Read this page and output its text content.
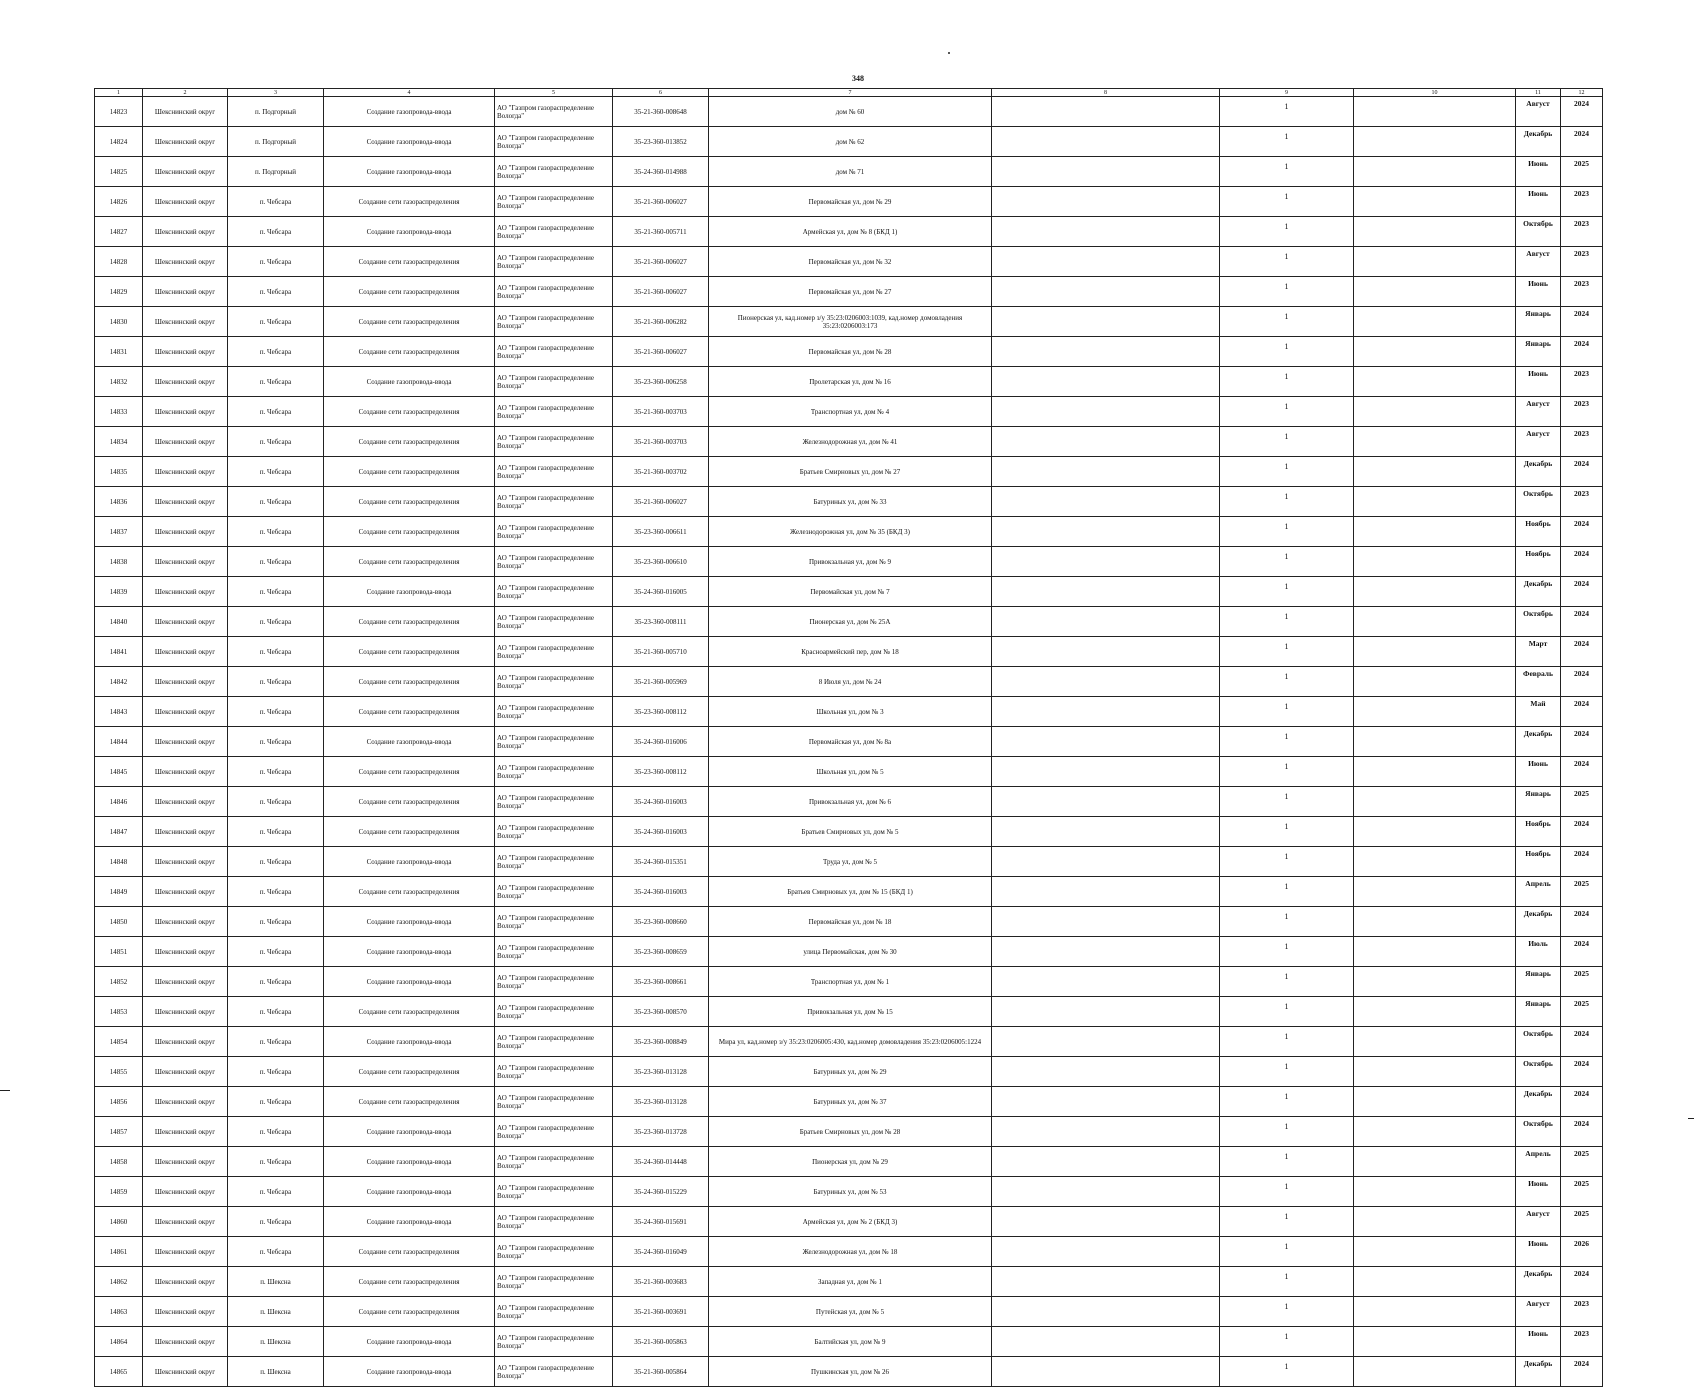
348
1	2	3	4	5	6	7	8	9	10	11	12
14823	Шекснинский округ	п. Подгорный	Создание газопровода-ввода	АО "Газпром газораспределение Вологда"	35-21-360-008648	дом № 60		1		Август	2024
14824	Шекснинский округ	п. Подгорный	Создание газопровода-ввода	АО "Газпром газораспределение Вологда"	35-23-360-013852	дом № 62		1		Декабрь	2024
14825	Шекснинский округ	п. Подгорный	Создание газопровода-ввода	АО "Газпром газораспределение Вологда"	35-24-360-014988	дом № 71		1		Июнь	2025
14826	Шекснинский округ	п. Чебсара	Создание сети газораспределения	АО "Газпром газораспределение Вологда"	35-21-360-006027	Первомайская ул, дом № 29		1		Июнь	2023
14827	Шекснинский округ	п. Чебсара	Создание газопровода-ввода	АО "Газпром газораспределение Вологда"	35-21-360-005711	Армейская ул, дом № 8 (БКД 1)		1		Октябрь	2023
14828	Шекснинский округ	п. Чебсара	Создание сети газораспределения	АО "Газпром газораспределение Вологда"	35-21-360-006027	Первомайская ул, дом № 32		1		Август	2023
14829	Шекснинский округ	п. Чебсара	Создание сети газораспределения	АО "Газпром газораспределение Вологда"	35-21-360-006027	Первомайская ул, дом № 27		1		Июнь	2023
14830	Шекснинский округ	п. Чебсара	Создание сети газораспределения	АО "Газпром газораспределение Вологда"	35-21-360-006282	Пионерская ул, кад.номер з/у 35:23:0206003:1039, кад.номер домовладения 35:23:0206003:173		1		Январь	2024
14831	Шекснинский округ	п. Чебсара	Создание сети газораспределения	АО "Газпром газораспределение Вологда"	35-21-360-006027	Первомайская ул, дом № 28		1		Январь	2024
14832	Шекснинский округ	п. Чебсара	Создание газопровода-ввода	АО "Газпром газораспределение Вологда"	35-23-360-006258	Пролетарская ул, дом № 16		1		Июнь	2023
14833	Шекснинский округ	п. Чебсара	Создание сети газораспределения	АО "Газпром газораспределение Вологда"	35-21-360-003703	Транспортная ул, дом № 4		1		Август	2023
14834	Шекснинский округ	п. Чебсара	Создание сети газораспределения	АО "Газпром газораспределение Вологда"	35-21-360-003703	Железнодорожная ул, дом № 41		1		Август	2023
14835	Шекснинский округ	п. Чебсара	Создание сети газораспределения	АО "Газпром газораспределение Вологда"	35-21-360-003702	Братьев Смирновых ул, дом № 27		1		Декабрь	2024
14836	Шекснинский округ	п. Чебсара	Создание сети газораспределения	АО "Газпром газораспределение Вологда"	35-21-360-006027	Батуриных ул, дом № 33		1		Октябрь	2023
14837	Шекснинский округ	п. Чебсара	Создание сети газораспределения	АО "Газпром газораспределение Вологда"	35-23-360-006611	Железнодорожная ул, дом № 35 (БКД 3)		1		Ноябрь	2024
14838	Шекснинский округ	п. Чебсара	Создание сети газораспределения	АО "Газпром газораспределение Вологда"	35-23-360-006610	Привокзальная ул, дом № 9		1		Ноябрь	2024
14839	Шекснинский округ	п. Чебсара	Создание газопровода-ввода	АО "Газпром газораспределение Вологда"	35-24-360-016005	Первомайская ул, дом № 7		1		Декабрь	2024
14840	Шекснинский округ	п. Чебсара	Создание сети газораспределения	АО "Газпром газораспределение Вологда"	35-23-360-008111	Пионерская ул, дом № 25А		1		Октябрь	2024
14841	Шекснинский округ	п. Чебсара	Создание сети газораспределения	АО "Газпром газораспределение Вологда"	35-21-360-005710	Красноармейский пер, дом № 18		1		Март	2024
14842	Шекснинский округ	п. Чебсара	Создание сети газораспределения	АО "Газпром газораспределение Вологда"	35-21-360-005969	8 Июля ул, дом № 24		1		Февраль	2024
14843	Шекснинский округ	п. Чебсара	Создание сети газораспределения	АО "Газпром газораспределение Вологда"	35-23-360-008112	Школьная ул, дом № 3		1		Май	2024
14844	Шекснинский округ	п. Чебсара	Создание газопровода-ввода	АО "Газпром газораспределение Вологда"	35-24-360-016006	Первомайская ул, дом № 8а		1		Декабрь	2024
14845	Шекснинский округ	п. Чебсара	Создание сети газораспределения	АО "Газпром газораспределение Вологда"	35-23-360-008112	Школьная ул, дом № 5		1		Июнь	2024
14846	Шекснинский округ	п. Чебсара	Создание сети газораспределения	АО "Газпром газораспределение Вологда"	35-24-360-016003	Привокзальная ул, дом № 6		1		Январь	2025
14847	Шекснинский округ	п. Чебсара	Создание сети газораспределения	АО "Газпром газораспределение Вологда"	35-24-360-016003	Братьев Смирновых ул, дом № 5		1		Ноябрь	2024
14848	Шекснинский округ	п. Чебсара	Создание газопровода-ввода	АО "Газпром газораспределение Вологда"	35-24-360-015351	Труда ул, дом № 5		1		Ноябрь	2024
14849	Шекснинский округ	п. Чебсара	Создание сети газораспределения	АО "Газпром газораспределение Вологда"	35-24-360-016003	Братьев Смирновых ул, дом № 15 (БКД 1)		1		Апрель	2025
14850	Шекснинский округ	п. Чебсара	Создание газопровода-ввода	АО "Газпром газораспределение Вологда"	35-23-360-008660	Первомайская ул, дом № 18		1		Декабрь	2024
14851	Шекснинский округ	п. Чебсара	Создание газопровода-ввода	АО "Газпром газораспределение Вологда"	35-23-360-008659	улица Первомайская, дом № 30		1		Июль	2024
14852	Шекснинский округ	п. Чебсара	Создание газопровода-ввода	АО "Газпром газораспределение Вологда"	35-23-360-008661	Транспортная ул, дом № 1		1		Январь	2025
14853	Шекснинский округ	п. Чебсара	Создание сети газораспределения	АО "Газпром газораспределение Вологда"	35-23-360-008570	Привокзальная ул, дом № 15		1		Январь	2025
14854	Шекснинский округ	п. Чебсара	Создание газопровода-ввода	АО "Газпром газораспределение Вологда"	35-23-360-008849	Мира ул, кад.номер з/у 35:23:0206005:430, кад.номер домовладения 35:23:0206005:1224		1		Октябрь	2024
14855	Шекснинский округ	п. Чебсара	Создание сети газораспределения	АО "Газпром газораспределение Вологда"	35-23-360-013128	Батуриных ул, дом № 29		1		Октябрь	2024
14856	Шекснинский округ	п. Чебсара	Создание сети газораспределения	АО "Газпром газораспределение Вологда"	35-23-360-013128	Батуриных ул, дом № 37		1		Декабрь	2024
14857	Шекснинский округ	п. Чебсара	Создание газопровода-ввода	АО "Газпром газораспределение Вологда"	35-23-360-013728	Братьев Смирновых ул, дом № 28		1		Октябрь	2024
14858	Шекснинский округ	п. Чебсара	Создание газопровода-ввода	АО "Газпром газораспределение Вологда"	35-24-360-014448	Пионерская ул, дом № 29		1		Апрель	2025
14859	Шекснинский округ	п. Чебсара	Создание газопровода-ввода	АО "Газпром газораспределение Вологда"	35-24-360-015229	Батуриных ул, дом № 53		1		Июнь	2025
14860	Шекснинский округ	п. Чебсара	Создание газопровода-ввода	АО "Газпром газораспределение Вологда"	35-24-360-015691	Армейская ул, дом № 2 (БКД 3)		1		Август	2025
14861	Шекснинский округ	п. Чебсара	Создание сети газораспределения	АО "Газпром газораспределение Вологда"	35-24-360-016049	Железнодорожная ул, дом № 18		1		Июнь	2026
14862	Шекснинский округ	п. Шексна	Создание сети газораспределения	АО "Газпром газораспределение Вологда"	35-21-360-003683	Западная ул, дом № 1		1		Декабрь	2024
14863	Шекснинский округ	п. Шексна	Создание сети газораспределения	АО "Газпром газораспределение Вологда"	35-21-360-003691	Путейская ул, дом № 5		1		Август	2023
14864	Шекснинский округ	п. Шексна	Создание газопровода-ввода	АО "Газпром газораспределение Вологда"	35-21-360-005863	Балтийская ул, дом № 9		1		Июнь	2023
14865	Шекснинский округ	п. Шексна	Создание газопровода-ввода	АО "Газпром газораспределение Вологда"	35-21-360-005864	Пушкинская ул, дом № 26		1		Декабрь	2024
